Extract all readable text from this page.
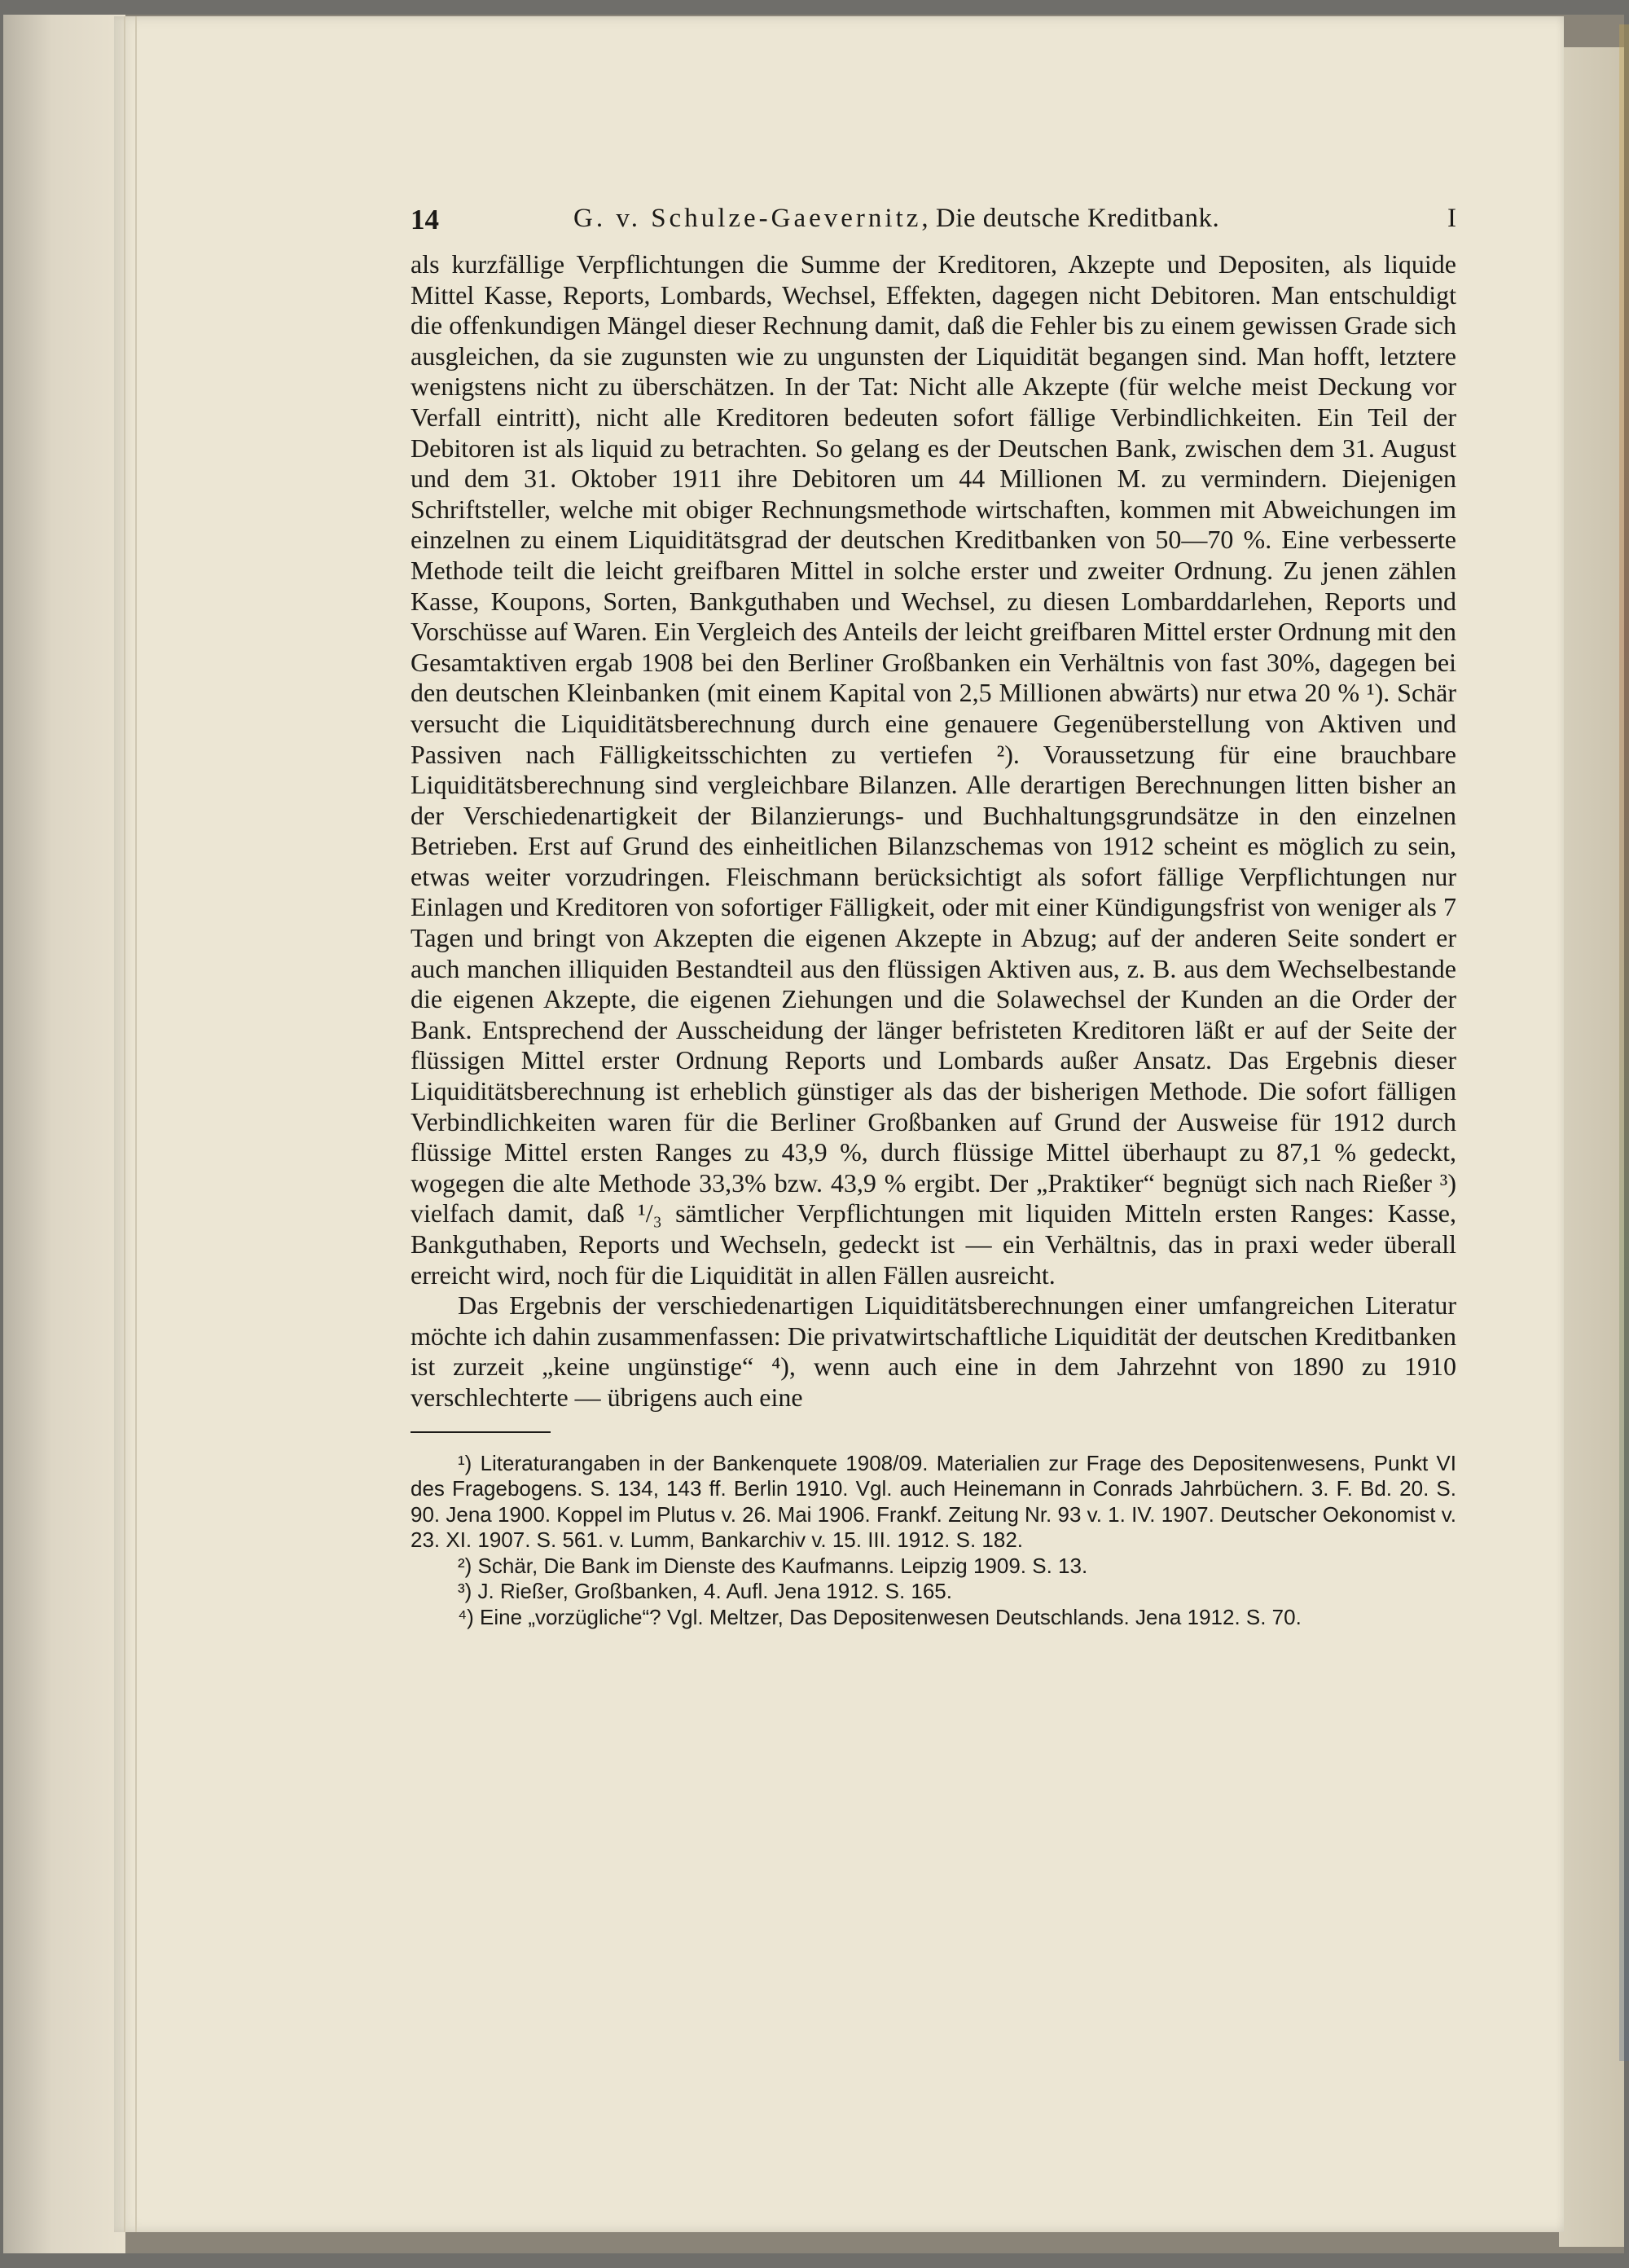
14	G. v. Schulze-Gaevernitz, Die deutsche Kreditbank.	I

als kurzfällige Verpflichtungen die Summe der Kreditoren, Akzepte und Depositen, als liquide Mittel Kasse, Reports, Lombards, Wechsel, Effekten, dagegen nicht Debitoren. Man entschuldigt die offenkundigen Mängel dieser Rechnung damit, daß die Fehler bis zu einem gewissen Grade sich ausgleichen, da sie zugunsten wie zu ungunsten der Liquidität begangen sind. Man hofft, letztere wenigstens nicht zu überschätzen. In der Tat: Nicht alle Akzepte (für welche meist Deckung vor Verfall eintritt), nicht alle Kreditoren bedeuten sofort fällige Verbindlichkeiten. Ein Teil der Debitoren ist als liquid zu betrachten. So gelang es der Deutschen Bank, zwischen dem 31. August und dem 31. Oktober 1911 ihre Debitoren um 44 Millionen M. zu vermindern. Diejenigen Schriftsteller, welche mit obiger Rechnungsmethode wirtschaften, kommen mit Abweichungen im einzelnen zu einem Liquiditätsgrad der deutschen Kreditbanken von 50—70 %. Eine verbesserte Methode teilt die leicht greifbaren Mittel in solche erster und zweiter Ordnung. Zu jenen zählen Kasse, Koupons, Sorten, Bankguthaben und Wechsel, zu diesen Lombarddarlehen, Reports und Vorschüsse auf Waren. Ein Vergleich des Anteils der leicht greifbaren Mittel erster Ordnung mit den Gesamtaktiven ergab 1908 bei den Berliner Großbanken ein Verhältnis von fast 30%, dagegen bei den deutschen Kleinbanken (mit einem Kapital von 2,5 Millionen abwärts) nur etwa 20 % ¹). Schär versucht die Liquiditätsberechnung durch eine genauere Gegenüberstellung von Aktiven und Passiven nach Fälligkeitsschichten zu vertiefen ²). Voraussetzung für eine brauchbare Liquiditätsberechnung sind vergleichbare Bilanzen. Alle derartigen Berechnungen litten bisher an der Verschiedenartigkeit der Bilanzierungs- und Buchhaltungsgrundsätze in den einzelnen Betrieben. Erst auf Grund des einheitlichen Bilanzschemas von 1912 scheint es möglich zu sein, etwas weiter vorzudringen. Fleischmann berücksichtigt als sofort fällige Verpflichtungen nur Einlagen und Kreditoren von sofortiger Fälligkeit, oder mit einer Kündigungsfrist von weniger als 7 Tagen und bringt von Akzepten die eigenen Akzepte in Abzug; auf der anderen Seite sondert er auch manchen illiquiden Bestandteil aus den flüssigen Aktiven aus, z. B. aus dem Wechselbestande die eigenen Akzepte, die eigenen Ziehungen und die Solawechsel der Kunden an die Order der Bank. Entsprechend der Ausscheidung der länger befristeten Kreditoren läßt er auf der Seite der flüssigen Mittel erster Ordnung Reports und Lombards außer Ansatz. Das Ergebnis dieser Liquiditätsberechnung ist erheblich günstiger als das der bisherigen Methode. Die sofort fälligen Verbindlichkeiten waren für die Berliner Großbanken auf Grund der Ausweise für 1912 durch flüssige Mittel ersten Ranges zu 43,9 %, durch flüssige Mittel überhaupt zu 87,1 % gedeckt, wogegen die alte Methode 33,3% bzw. 43,9 % ergibt. Der „Praktiker“ begnügt sich nach Rießer ³) vielfach damit, daß ¹/₃ sämtlicher Verpflichtungen mit liquiden Mitteln ersten Ranges: Kasse, Bankguthaben, Reports und Wechseln, gedeckt ist — ein Verhältnis, das in praxi weder überall erreicht wird, noch für die Liquidität in allen Fällen ausreicht.

Das Ergebnis der verschiedenartigen Liquiditätsberechnungen einer umfangreichen Literatur möchte ich dahin zusammenfassen: Die privatwirtschaftliche Liquidität der deutschen Kreditbanken ist zurzeit „keine ungünstige“ ⁴), wenn auch eine in dem Jahrzehnt von 1890 zu 1910 verschlechterte — übrigens auch eine

¹) Literaturangaben in der Bankenquete 1908/09. Materialien zur Frage des Depositenwesens, Punkt VI des Fragebogens. S. 134, 143 ff. Berlin 1910. Vgl. auch Heinemann in Conrads Jahrbüchern. 3. F. Bd. 20. S. 90. Jena 1900. Koppel im Plutus v. 26. Mai 1906. Frankf. Zeitung Nr. 93 v. 1. IV. 1907. Deutscher Oekonomist v. 23. XI. 1907. S. 561. v. Lumm, Bankarchiv v. 15. III. 1912. S. 182.

²) Schär, Die Bank im Dienste des Kaufmanns. Leipzig 1909. S. 13.

³) J. Rießer, Großbanken, 4. Aufl. Jena 1912. S. 165.

⁴) Eine „vorzügliche“? Vgl. Meltzer, Das Depositenwesen Deutschlands. Jena 1912. S. 70.
